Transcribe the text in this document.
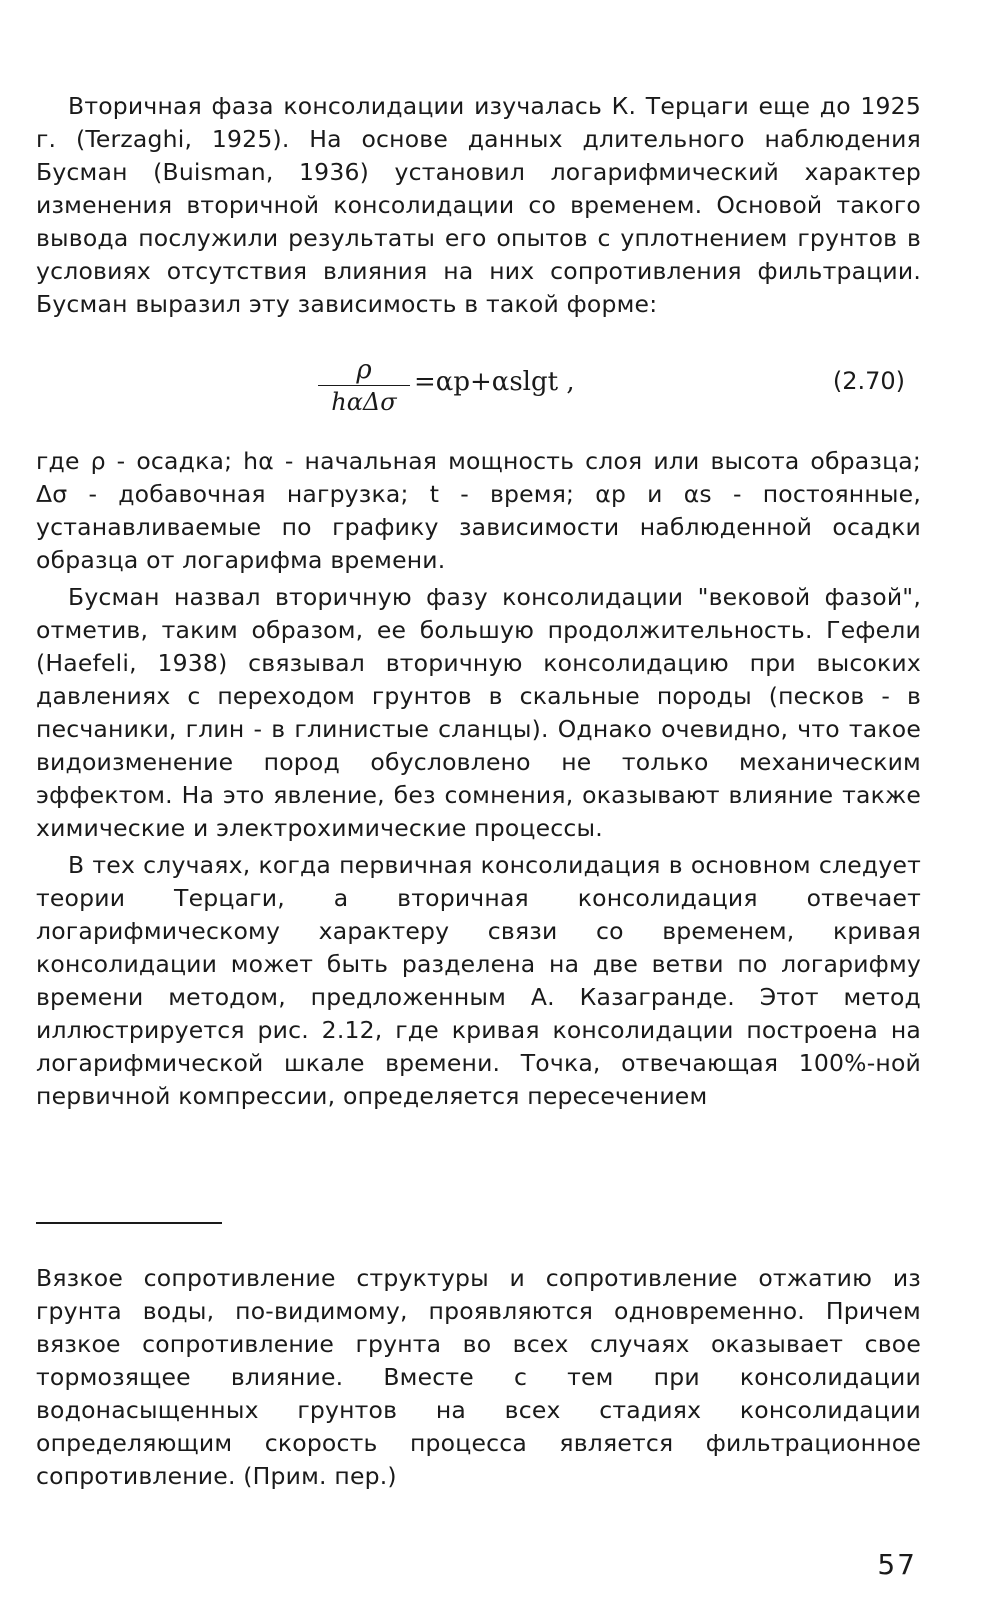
Вторичная фаза консолидации изучалась К. Терцаги еще до 1925 г. (Terzaghi, 1925). На основе данных длительного наблюдения Бусман (Buisman, 1936) установил логарифмический характер изменения вторичной консолидации со временем. Основой такого вывода послужили результаты его опытов с уплотнением грунтов в условиях отсутствия влияния на них сопротивления фильтрации. Бусман выразил эту зависимость в такой форме:

ρ
hαΔσ
=αp+αslgt ,	(2.70)

где ρ - осадка; hα - начальная мощность слоя или высота образца; Δσ - добавочная нагрузка; t - время; αp и αs - постоянные, устанавливаемые по графику зависимости наблюденной осадки образца от логарифма времени.

Бусман назвал вторичную фазу консолидации "вековой фазой", отметив, таким образом, ее большую продолжительность. Гефели (Haefeli, 1938) связывал вторичную консолидацию при высоких давлениях с переходом грунтов в скальные породы (песков - в песчаники, глин - в глинистые сланцы). Однако очевидно, что такое видоизменение пород обусловлено не только механическим эффектом. На это явление, без сомнения, оказывают влияние также химические и электрохимические процессы.

В тех случаях, когда первичная консолидация в основном следует теории Терцаги, а вторичная консолидация отвечает логарифмическому характеру связи со временем, кривая консолидации может быть разделена на две ветви по логарифму времени методом, предложенным А. Казагранде. Этот метод иллюстрируется рис. 2.12, где кривая консолидации построена на логарифмической шкале времени. Точка, отвечающая 100%-ной первичной компрессии, определяется пересечением

Вязкое сопротивление структуры и сопротивление отжатию из грунта воды, по-видимому, проявляются одновременно. Причем вязкое сопротивление грунта во всех случаях оказывает свое тормозящее влияние. Вместе с тем при консолидации водонасыщенных грунтов на всех стадиях консолидации определяющим скорость процесса является фильтрационное сопротивление. (Прим. пер.)

57
